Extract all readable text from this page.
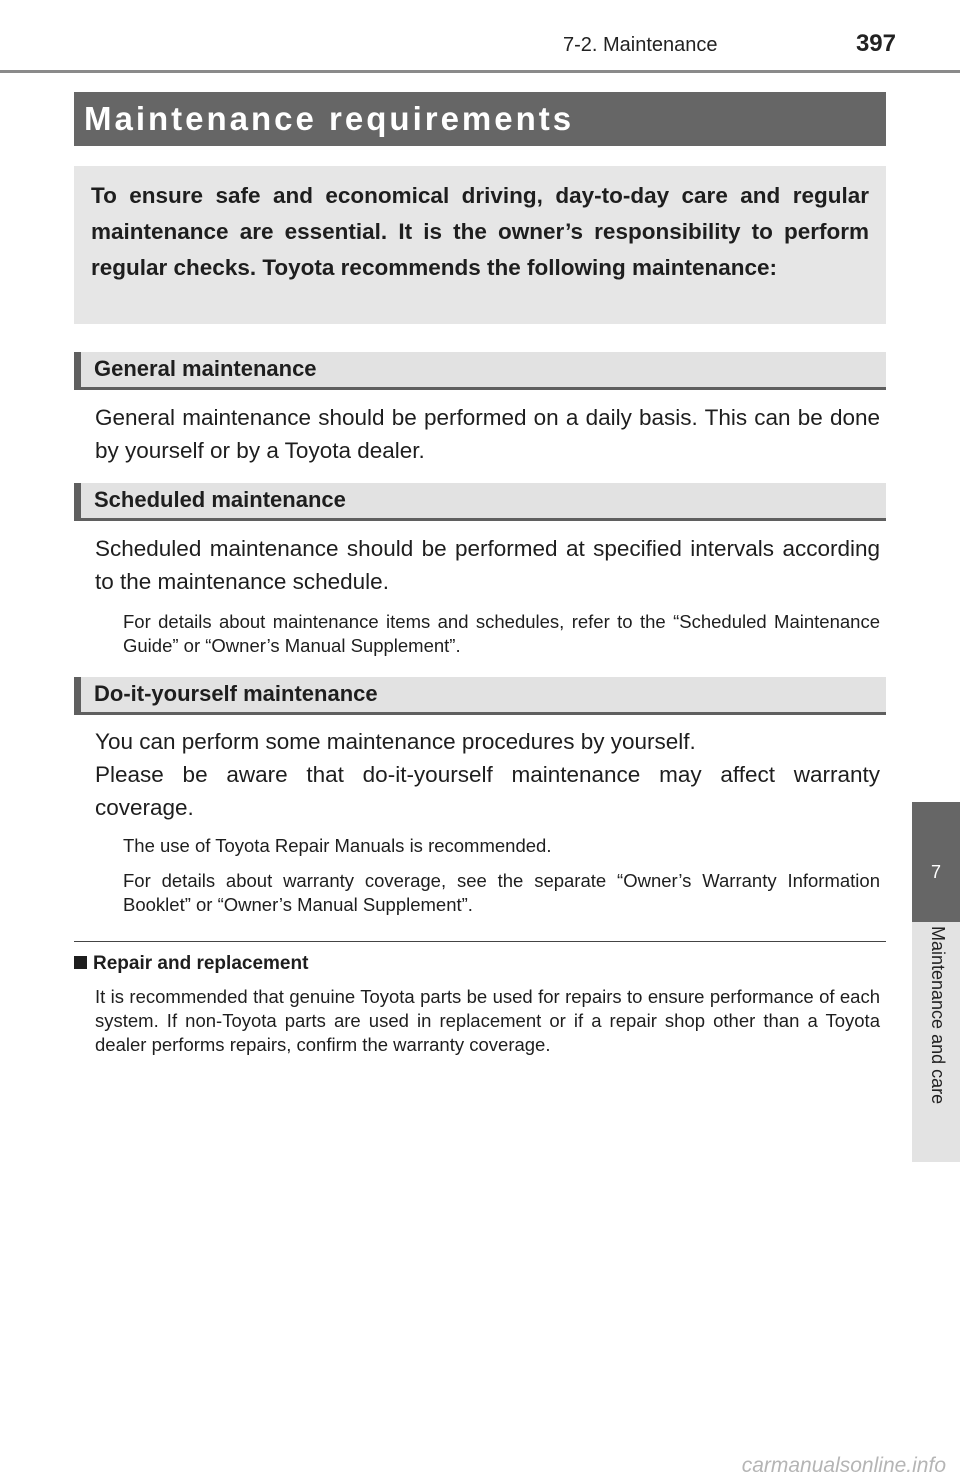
7-2. Maintenance	397
Maintenance requirements
To ensure safe and economical driving, day-to-day care and regular maintenance are essential. It is the owner’s responsibility to perform regular checks. Toyota recommends the following maintenance:
General maintenance
General maintenance should be performed on a daily basis. This can be done by yourself or by a Toyota dealer.
Scheduled maintenance
Scheduled maintenance should be performed at specified intervals according to the maintenance schedule.
For details about maintenance items and schedules, refer to the “Scheduled Maintenance Guide” or “Owner’s Manual Supplement”.
Do-it-yourself maintenance
You can perform some maintenance procedures by yourself.
Please be aware that do-it-yourself maintenance may affect warranty coverage.
The use of Toyota Repair Manuals is recommended.
For details about warranty coverage, see the separate “Owner’s Warranty Information Booklet” or “Owner’s Manual Supplement”.
Repair and replacement
It is recommended that genuine Toyota parts be used for repairs to ensure performance of each system. If non-Toyota parts are used in replacement or if a repair shop other than a Toyota dealer performs repairs, confirm the warranty coverage.
7
Maintenance and care
carmanualsonline.info
